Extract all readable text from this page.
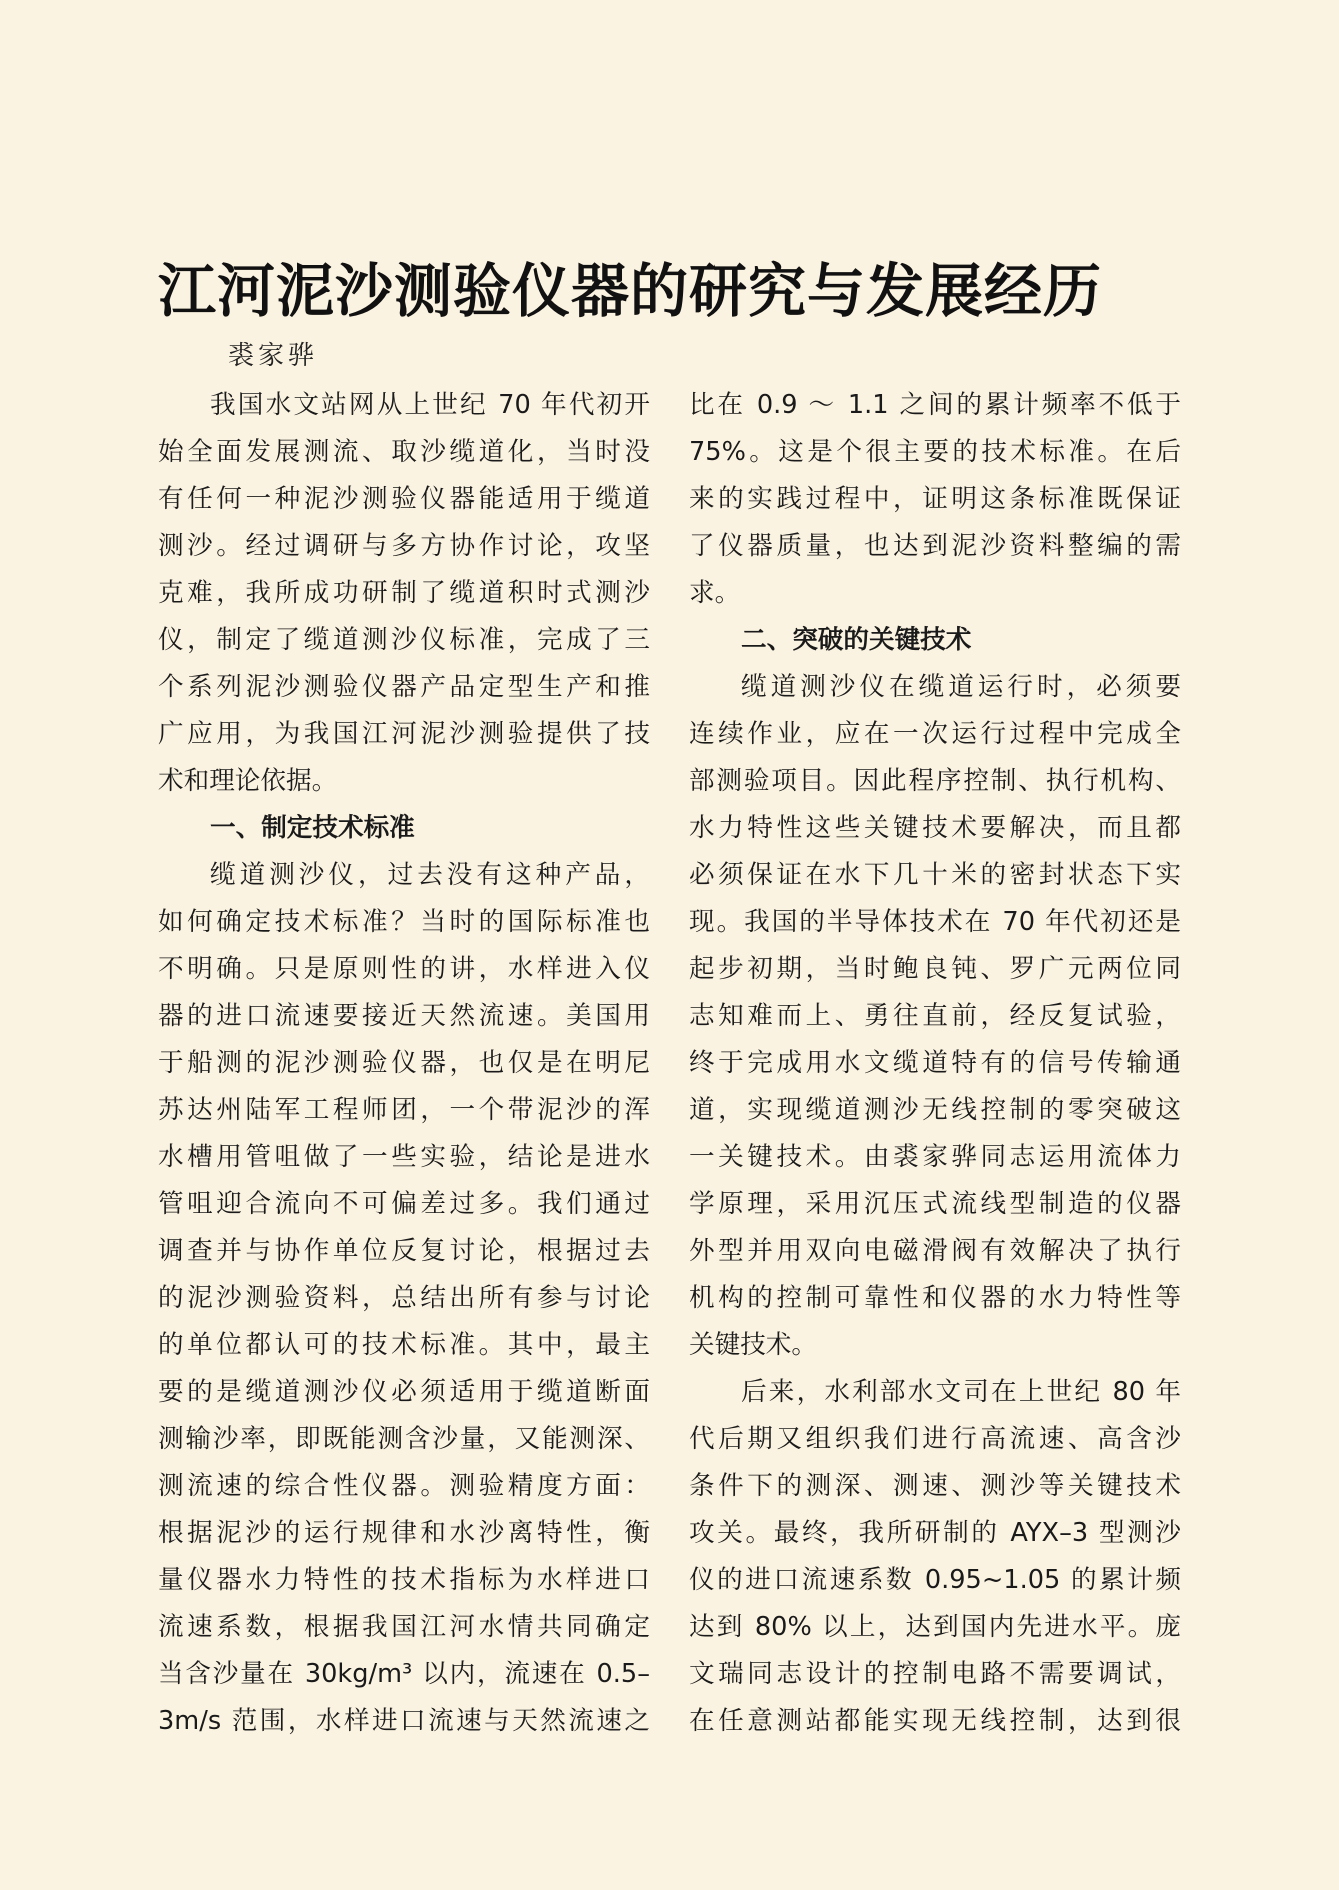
江河泥沙测验仪器的研究与发展经历

裘家骅

我国水文站网从上世纪 70 年代初开
始全面发展测流、取沙缆道化，当时没
有任何一种泥沙测验仪器能适用于缆道
测沙。经过调研与多方协作讨论，攻坚
克难，我所成功研制了缆道积时式测沙
仪，制定了缆道测沙仪标准，完成了三
个系列泥沙测验仪器产品定型生产和推
广应用，为我国江河泥沙测验提供了技
术和理论依据。
一、制定技术标准
缆道测沙仪，过去没有这种产品，
如何确定技术标准？当时的国际标准也
不明确。只是原则性的讲，水样进入仪
器的进口流速要接近天然流速。美国用
于船测的泥沙测验仪器，也仅是在明尼
苏达州陆军工程师团，一个带泥沙的浑
水槽用管咀做了一些实验，结论是进水
管咀迎合流向不可偏差过多。我们通过
调查并与协作单位反复讨论，根据过去
的泥沙测验资料，总结出所有参与讨论
的单位都认可的技术标准。其中，最主
要的是缆道测沙仪必须适用于缆道断面
测输沙率，即既能测含沙量，又能测深、
测流速的综合性仪器。测验精度方面：
根据泥沙的运行规律和水沙离特性，衡
量仪器水力特性的技术指标为水样进口
流速系数，根据我国江河水情共同确定
当含沙量在 30kg/m³ 以内，流速在 0.5–
3m/s 范围，水样进口流速与天然流速之
比在 0.9 ～ 1.1 之间的累计频率不低于
75%。这是个很主要的技术标准。在后
来的实践过程中，证明这条标准既保证
了仪器质量，也达到泥沙资料整编的需
求。
二、突破的关键技术
缆道测沙仪在缆道运行时，必须要
连续作业，应在一次运行过程中完成全
部测验项目。因此程序控制、执行机构、
水力特性这些关键技术要解决，而且都
必须保证在水下几十米的密封状态下实
现。我国的半导体技术在 70 年代初还是
起步初期，当时鲍良钝、罗广元两位同
志知难而上、勇往直前，经反复试验，
终于完成用水文缆道特有的信号传输通
道，实现缆道测沙无线控制的零突破这
一关键技术。由裘家骅同志运用流体力
学原理，采用沉压式流线型制造的仪器
外型并用双向电磁滑阀有效解决了执行
机构的控制可靠性和仪器的水力特性等
关键技术。
后来，水利部水文司在上世纪 80 年
代后期又组织我们进行高流速、高含沙
条件下的测深、测速、测沙等关键技术
攻关。最终，我所研制的 AYX–3 型测沙
仪的进口流速系数 0.95~1.05 的累计频
达到 80% 以上，达到国内先进水平。庞
文瑞同志设计的控制电路不需要调试，
在任意测站都能实现无线控制，达到很
